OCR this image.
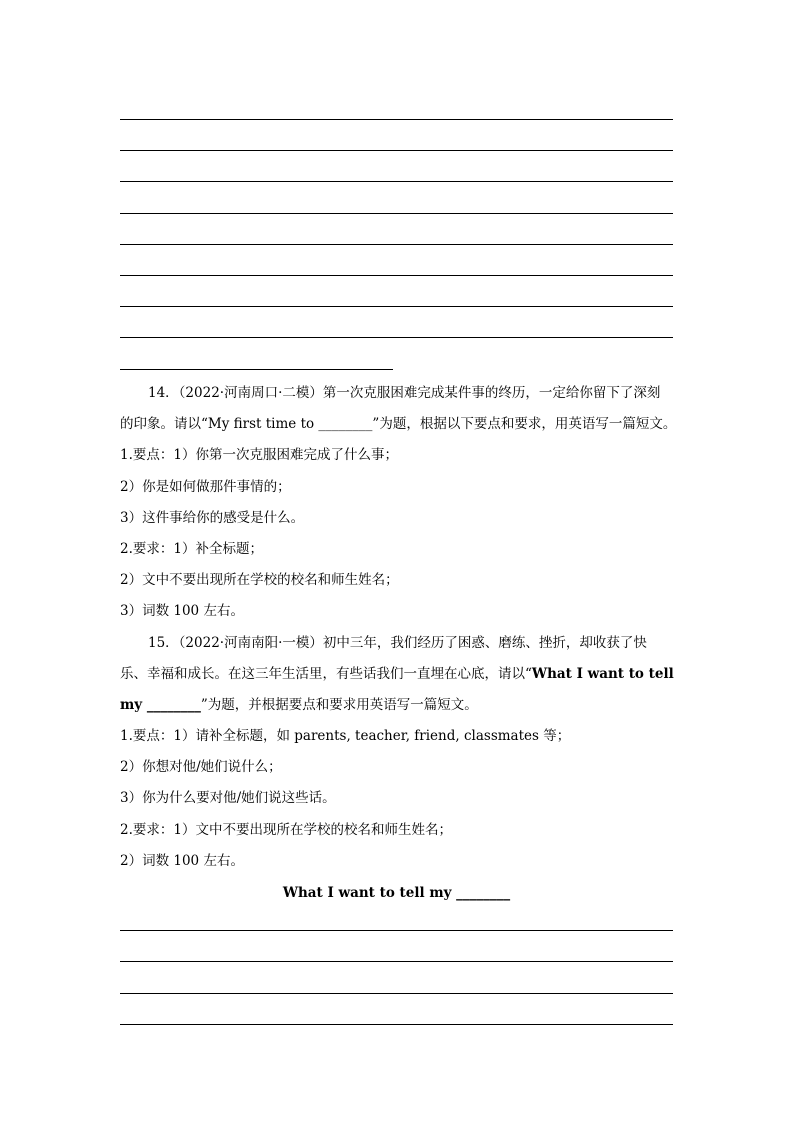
14．（2022·河南周口·二模）第一次克服困难完成某件事的终历，一定给你留下了深刻
的印象。请以“My first time to ________”为题，根据以下要点和要求，用英语写一篇短文。
1.要点：1）你第一次克服困难完成了什么事；
2）你是如何做那件事情的；
3）这件事给你的感受是什么。
2.要求：1）补全标题；
2）文中不要出现所在学校的校名和师生姓名；
3）词数 100 左右。
15．（2022·河南南阳·一模）初中三年，我们经历了困惑、磨练、挫折，却收获了快
乐、幸福和成长。在这三年生活里，有些话我们一直埋在心底，请以“What I want to tell
my ________”为题，并根据要点和要求用英语写一篇短文。
1.要点：1）请补全标题，如 parents, teacher, friend, classmates 等；
2）你想对他/她们说什么；
3）你为什么要对他/她们说这些话。
2.要求：1）文中不要出现所在学校的校名和师生姓名；
2）词数 100 左右。
What I want to tell my ________
